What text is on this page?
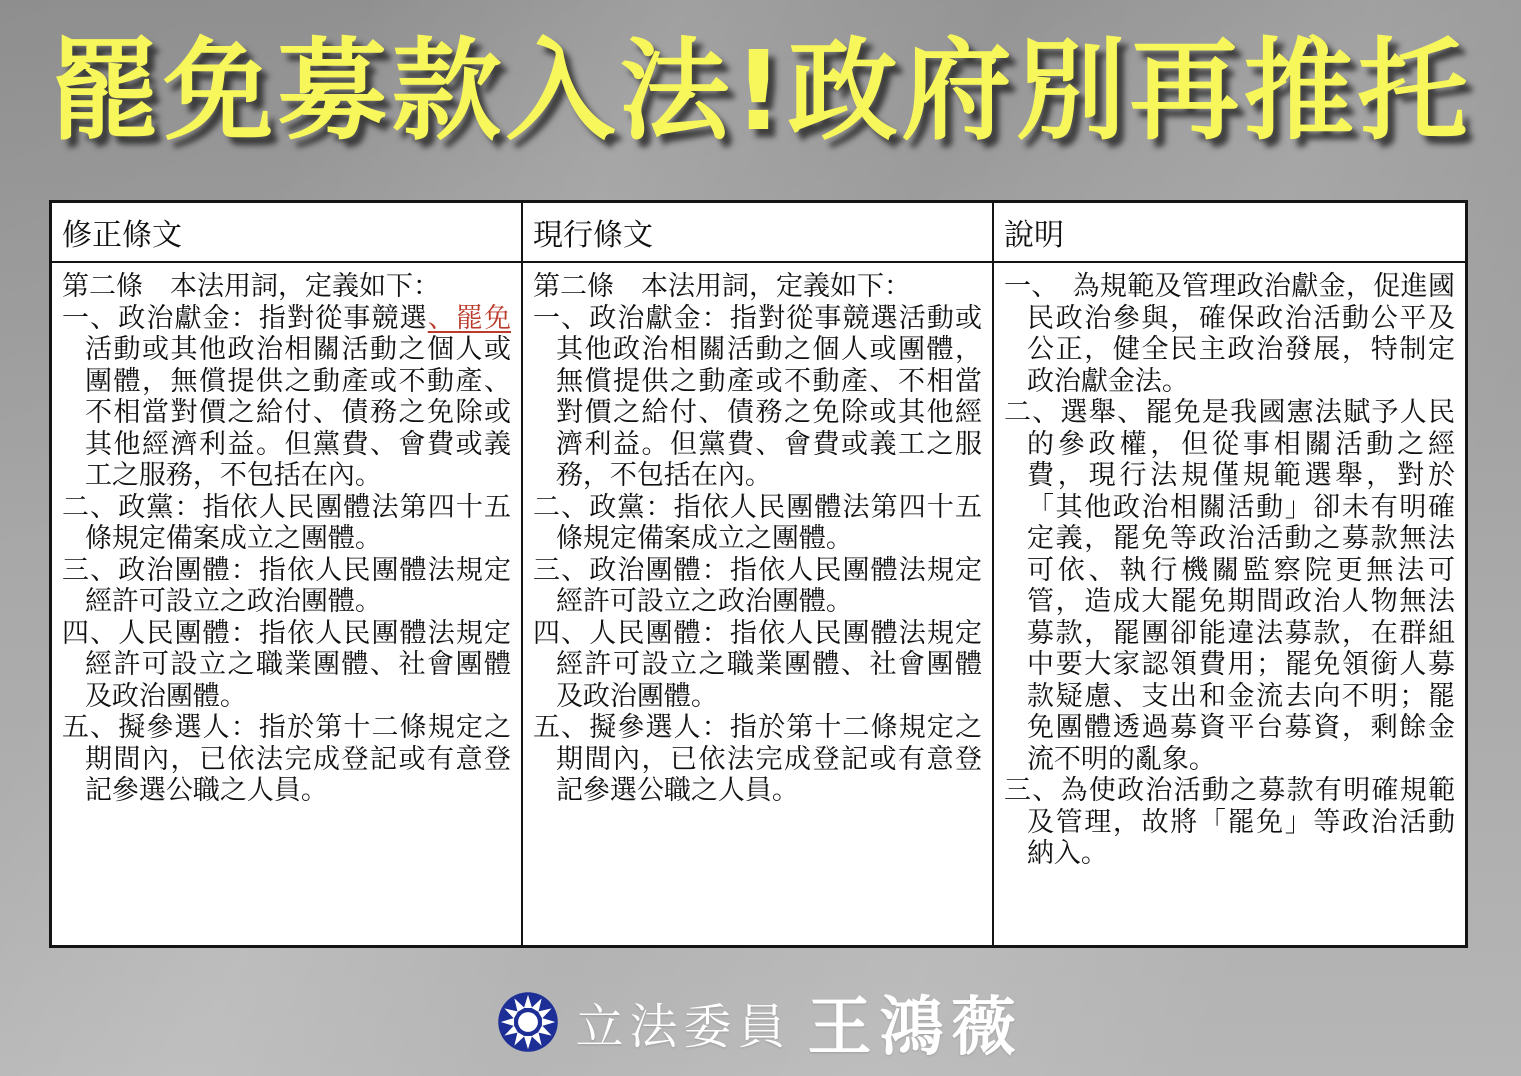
罷免募款入法!政府別再推托
修正條文	現行條文	說明

第二條　本法用詞，定義如下：

一、政治獻金：指對從事競選、罷免活動或其他政治相關活動之個人或團體，無償提供之動產或不動產、不相當對價之給付、債務之免除或其他經濟利益。但黨費、會費或義工之服務，不包括在內。

二、政黨：指依人民團體法第四十五條規定備案成立之團體。

三、政治團體：指依人民團體法規定經許可設立之政治團體。

四、人民團體：指依人民團體法規定經許可設立之職業團體、社會團體及政治團體。

五、擬參選人：指於第十二條規定之期間內，已依法完成登記或有意登記參選公職之人員。

第二條　本法用詞，定義如下：

一、政治獻金：指對從事競選活動或其他政治相關活動之個人或團體，無償提供之動產或不動產、不相當對價之給付、債務之免除或其他經濟利益。但黨費、會費或義工之服務，不包括在內。

二、政黨：指依人民團體法第四十五條規定備案成立之團體。

三、政治團體：指依人民團體法規定經許可設立之政治團體。

四、人民團體：指依人民團體法規定經許可設立之職業團體、社會團體及政治團體。

五、擬參選人：指於第十二條規定之期間內，已依法完成登記或有意登記參選公職之人員。

一、　為規範及管理政治獻金，促進國民政治參與，確保政治活動公平及公正，健全民主政治發展，特制定政治獻金法。

二、選舉、罷免是我國憲法賦予人民的參政權，但從事相關活動之經費，現行法規僅規範選舉，對於「其他政治相關活動」卻未有明確定義，罷免等政治活動之募款無法可依、執行機關監察院更無法可管，造成大罷免期間政治人物無法募款，罷團卻能違法募款，在群組中要大家認領費用；罷免領銜人募款疑慮、支出和金流去向不明；罷免團體透過募資平台募資，剩餘金流不明的亂象。

三、為使政治活動之募款有明確規範及管理，故將「罷免」等政治活動納入。

立法委員 王鴻薇
